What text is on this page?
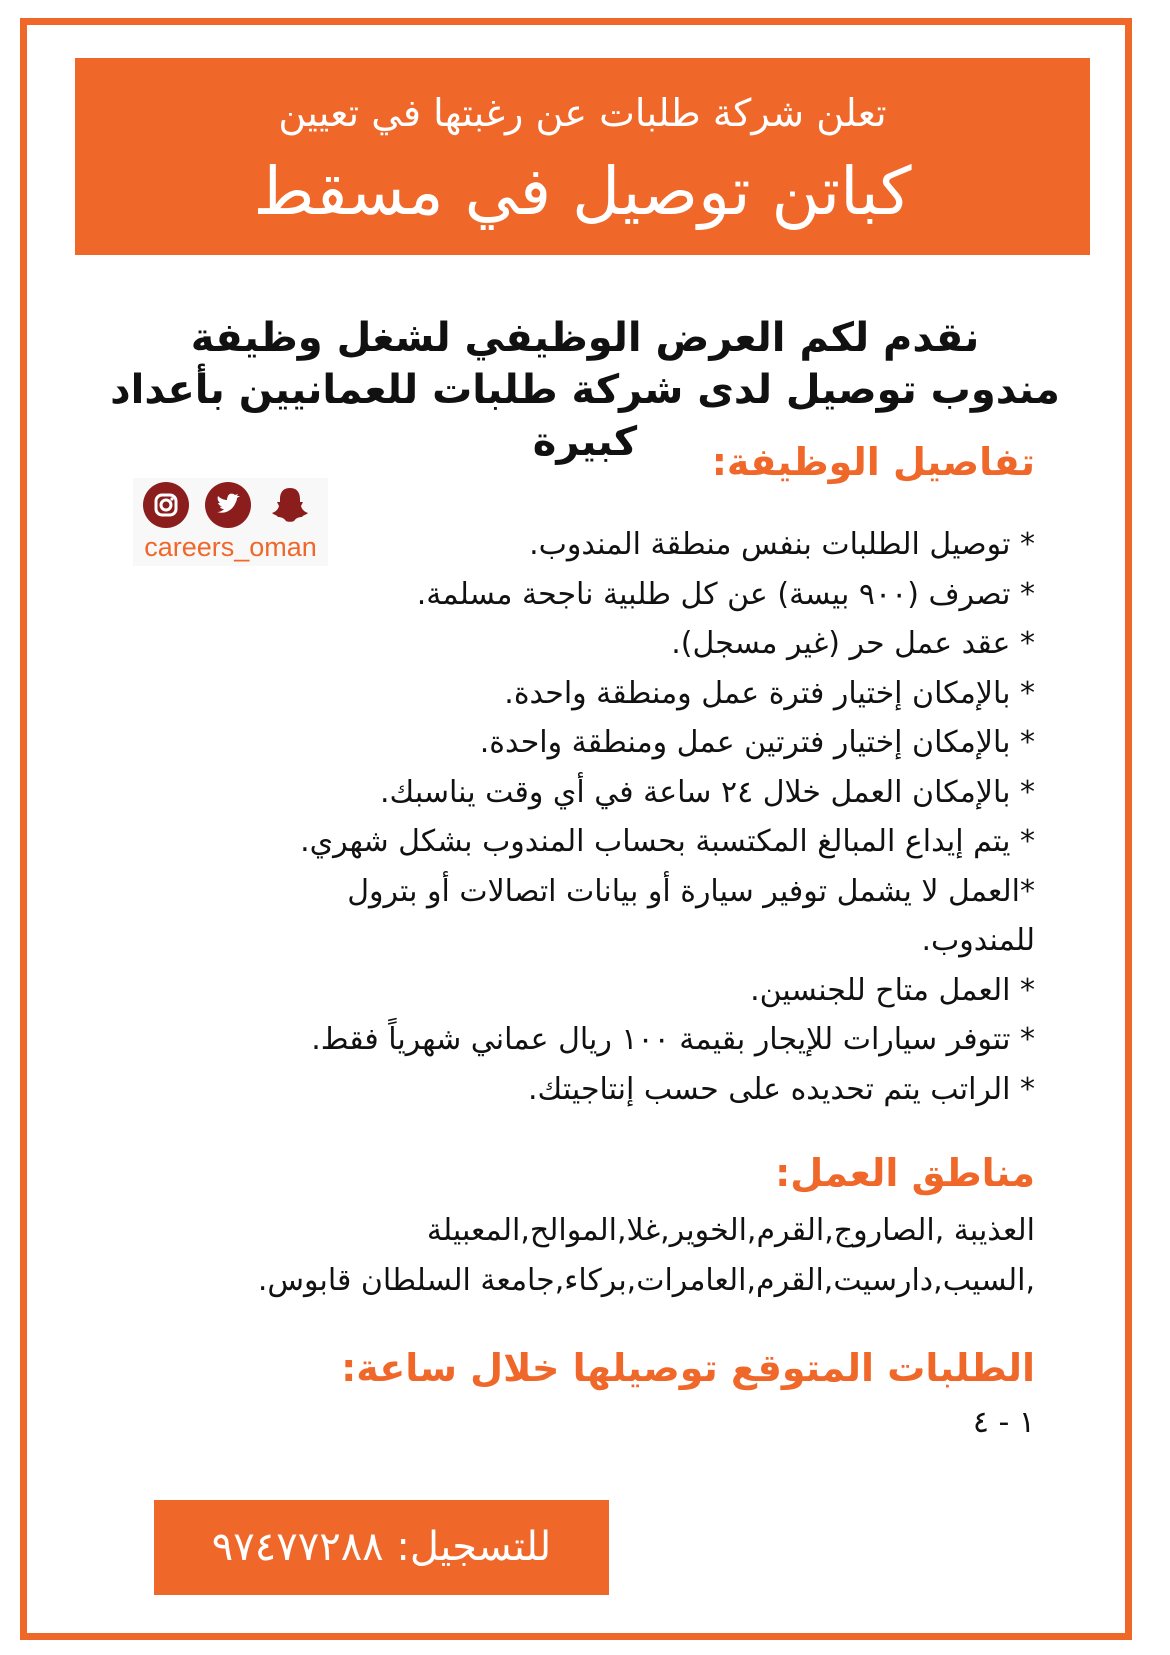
تعلن شركة طلبات عن رغبتها في تعيين
كباتن توصيل في مسقط
نقدم لكم العرض الوظيفي لشغل وظيفة
مندوب توصيل لدى شركة طلبات للعمانيين بأعداد كبيرة
careers_oman
تفاصيل الوظيفة:
* توصيل الطلبات بنفس منطقة المندوب.
* تصرف (٩٠٠ بيسة) عن كل طلبية ناجحة مسلمة.
* عقد عمل حر (غير مسجل).
* بالإمكان إختيار فترة عمل ومنطقة واحدة.
* بالإمكان إختيار فترتين عمل ومنطقة واحدة.
* بالإمكان العمل خلال ٢٤ ساعة في أي وقت يناسبك.
* يتم إيداع المبالغ المكتسبة بحساب المندوب بشكل شهري.
*العمل لا يشمل توفير سيارة أو بيانات اتصالات أو بترول للمندوب.
* العمل متاح للجنسين.
* تتوفر سيارات للإيجار بقيمة ١٠٠ ريال عماني شهرياً فقط.
* الراتب يتم تحديده على حسب إنتاجيتك.
مناطق العمل:
العذيبة ,الصاروج,القرم,الخوير,غلا,الموالح,المعبيلة ,السيب,دارسيت,القرم,العامرات,بركاء,جامعة السلطان قابوس.
الطلبات المتوقع توصيلها خلال ساعة:
١ - ٤
للتسجيل: ٩٧٤٧٧٢٨٨
